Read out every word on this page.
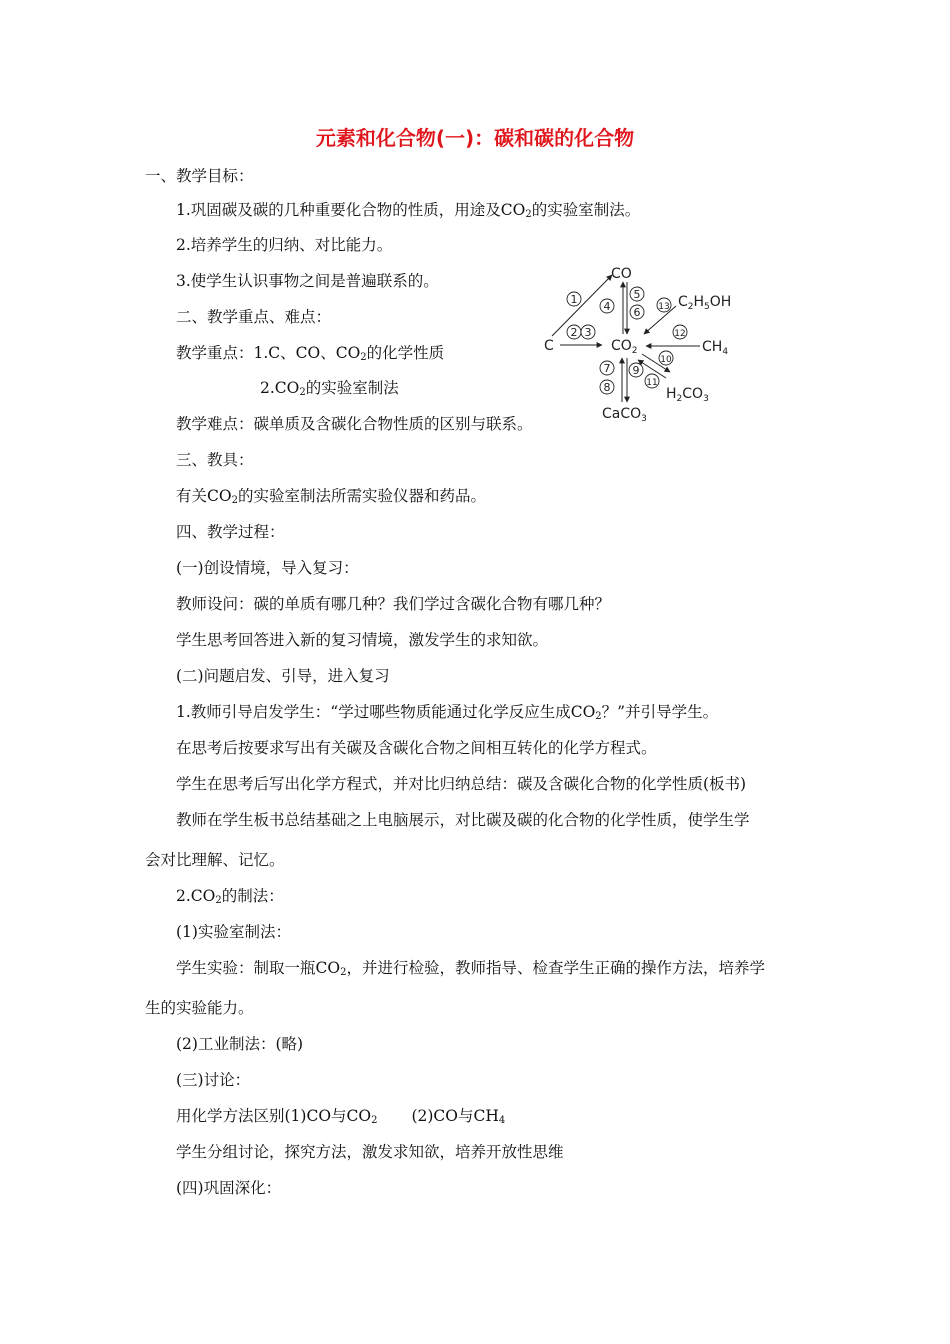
元素和化合物(一)：碳和碳的化合物
一、教学目标：
1.巩固碳及碳的几种重要化合物的性质，用途及$CO_2$的实验室制法。
2.培养学生的归纳、对比能力。
3.使学生认识事物之间是普遍联系的。
二、教学重点、难点：
教学重点：1.C、CO、$CO_2$的化学性质
$2.CO_2$的实验室制法
教学难点：碳单质及含碳化合物性质的区别与联系。
三、教具：
有关$CO_2$的实验室制法所需实验仪器和药品。
四、教学过程：
(一)创设情境，导入复习：
教师设问：碳的单质有哪几种？我们学过含碳化合物有哪几种？
学生思考回答进入新的复习情境，激发学生的求知欲。
(二)问题启发、引导，进入复习
1.教师引导启发学生：“学过哪些物质能通过化学反应生成$CO_2$？”并引导学生。
在思考后按要求写出有关碳及含碳化合物之间相互转化的化学方程式。
学生在思考后写出化学方程式，并对比归纳总结：碳及含碳化合物的化学性质(板书)
教师在学生板书总结基础之上电脑展示，对比碳及碳的化合物的化学性质，使学生学
会对比理解、记忆。
$2.CO_2$的制法：
(1)实验室制法：
学生实验：制取一瓶$CO_2$，并进行检验，教师指导、检查学生正确的操作方法，培养学
生的实验能力。
(2)工业制法：(略)
(三)讨论：
用化学方法区别(1)CO与$CO_2$ (2)CO与$CH_4$
学生分组讨论，探究方法，激发求知欲，培养开放性思维
(四)巩固深化：
1
2 3
4
5
6
7
8
9
10
11
12
13
CO
C	$CO_2$
$C_2H_5OH$
$CH_4$
$H_2CO_3$
CaCO$_3$
